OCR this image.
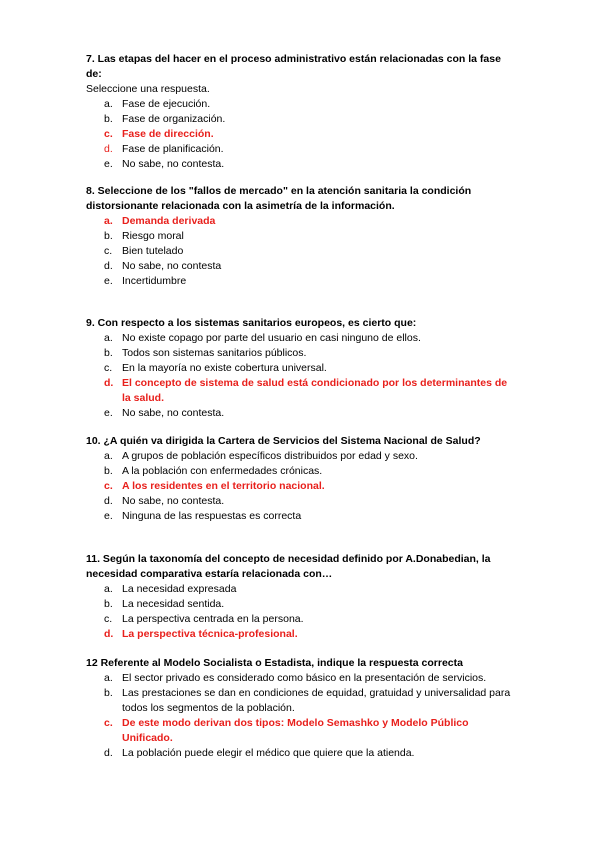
7. Las etapas del hacer en el proceso administrativo están relacionadas con la fase de:

Seleccione una respuesta.

a. Fase de ejecución.
b. Fase de organización.
c. Fase de dirección.
d. Fase de planificación.
e. No sabe, no contesta.

8. Seleccione de los "fallos de mercado" en la atención sanitaria la condición distorsionante relacionada con la asimetría de la información.

a. Demanda derivada
b. Riesgo moral
c. Bien tutelado
d. No sabe, no contesta
e. Incertidumbre

9. Con respecto a los sistemas sanitarios europeos, es cierto que:

a. No existe copago por parte del usuario en casi ninguno de ellos.
b. Todos son sistemas sanitarios públicos.
c. En la mayoría no existe cobertura universal.
d. El concepto de sistema de salud está condicionado por los determinantes de la salud.
e. No sabe, no contesta.

10. ¿A quién va dirigida la Cartera de Servicios del Sistema Nacional de Salud?

a. A grupos de población específicos distribuidos por edad y sexo.
b. A la población con enfermedades crónicas.
c. A los residentes en el territorio nacional.
d. No sabe, no contesta.
e. Ninguna de las respuestas es correcta

11. Según la taxonomía del concepto de necesidad definido por A.Donabedian, la necesidad comparativa estaría relacionada con…

a. La necesidad expresada
b. La necesidad sentida.
c. La perspectiva centrada en la persona.
d. La perspectiva técnica-profesional.

12 Referente al Modelo Socialista o Estadista, indique la respuesta correcta

a. El sector privado es considerado como básico en la presentación de servicios.
b. Las prestaciones se dan en condiciones de equidad, gratuidad y universalidad para todos los segmentos de la población.
c. De este modo derivan dos tipos: Modelo Semashko y Modelo Público Unificado.
d. La población puede elegir el médico que quiere que la atienda.
